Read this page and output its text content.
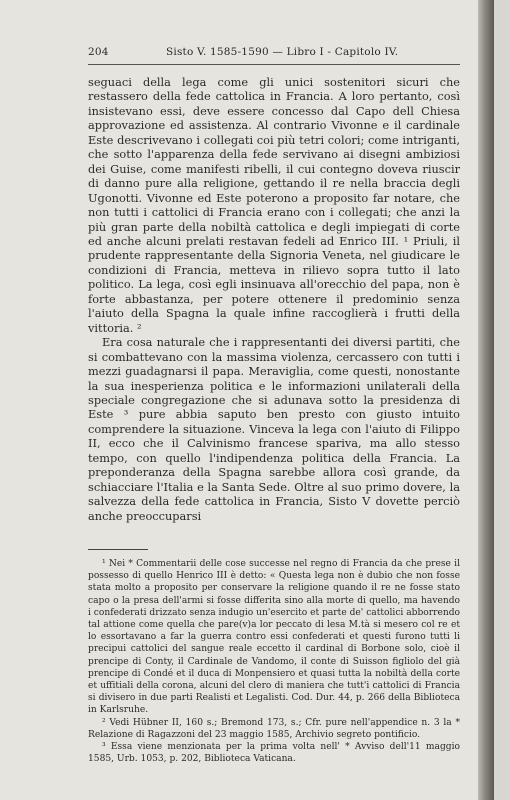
204	Sisto V. 1585-1590 — Libro I - Capitolo IV.

seguaci della lega come gli unici sostenitori sicuri che restassero della fede cattolica in Francia. A loro pertanto, così insistevano essi, deve essere concesso dal Capo dell Chiesa approvazione ed assistenza. Al contrario Vivonne e il cardinale Este descrivevano i collegati coi più tetri colori; come intriganti, che sotto l'apparenza della fede servivano ai disegni ambiziosi dei Guise, come manifesti ribelli, il cui contegno doveva riuscir di danno pure alla religione, gettando il re nella braccia degli Ugonotti. Vivonne ed Este poterono a proposito far notare, che non tutti i cattolici di Francia erano con i collegati; che anzi la più gran parte della nobiltà cattolica e degli impiegati di corte ed anche alcuni prelati restavan fedeli ad Enrico III. ¹ Priuli, il prudente rappresentante della Signoria Veneta, nel giudicare le condizioni di Francia, metteva in rilievo sopra tutto il lato politico. La lega, così egli insinuava all'orecchio del papa, non è forte abbastanza, per potere ottenere il predominio senza l'aiuto della Spagna la quale infine raccoglierà i frutti della vittoria. ²

Era cosa naturale che i rappresentanti dei diversi partiti, che si combattevano con la massima violenza, cercassero con tutti i mezzi guadagnarsi il papa. Meraviglia, come questi, nonostante la sua inesperienza politica e le informazioni unilaterali della speciale congregazione che si adunava sotto la presidenza di Este ³ pure abbia saputo ben presto con giusto intuito comprendere la situazione. Vinceva la lega con l'aiuto di Filippo II, ecco che il Calvinismo francese spariva, ma allo stesso tempo, con quello l'indipendenza politica della Francia. La preponderanza della Spagna sarebbe allora così grande, da schiacciare l'Italia e la Santa Sede. Oltre al suo primo dovere, la salvezza della fede cattolica in Francia, Sisto V dovette perciò anche preoccuparsi

¹ Nei * Commentarii delle cose successe nel regno di Francia da che prese il possesso di quello Henrico III è detto: « Questa lega non è dubio che non fosse stata molto a proposito per conservare la religione quando il re ne fosse stato capo o la presa dell'armi si fosse differita sino alla morte di quello, ma havendo i confederati drizzato senza indugio un'esercito et parte de' cattolici abborrendo tal attione come quella che pare(v)a lor peccato di lesa M.tà si mesero col re et lo essortavano a far la guerra contro essi confederati et questi furono tutti li precipui cattolici del sangue reale eccetto il cardinal di Borbone solo, cioè il prencipe di Conty, il Cardinale de Vandomo, il conte di Suisson figliolo del già prencipe di Condé et il duca di Monpensiero et quasi tutta la nobiltà della corte et uffitiali della corona, alcuni del clero di maniera che tutt'i cattolici di Francia si divisero in due parti Realisti et Legalisti. Cod. Dur. 44, p. 266 della Biblioteca in Karlsruhe.

² Vedi Hübner II, 160 s.; Bremond 173, s.; Cfr. pure nell'appendice n. 3 la * Relazione di Ragazzoni del 23 maggio 1585, Archivio segreto pontificio.

³ Essa viene menzionata per la prima volta nell' * Avviso dell'11 maggio 1585, Urb. 1053, p. 202, Biblioteca Vaticana.
